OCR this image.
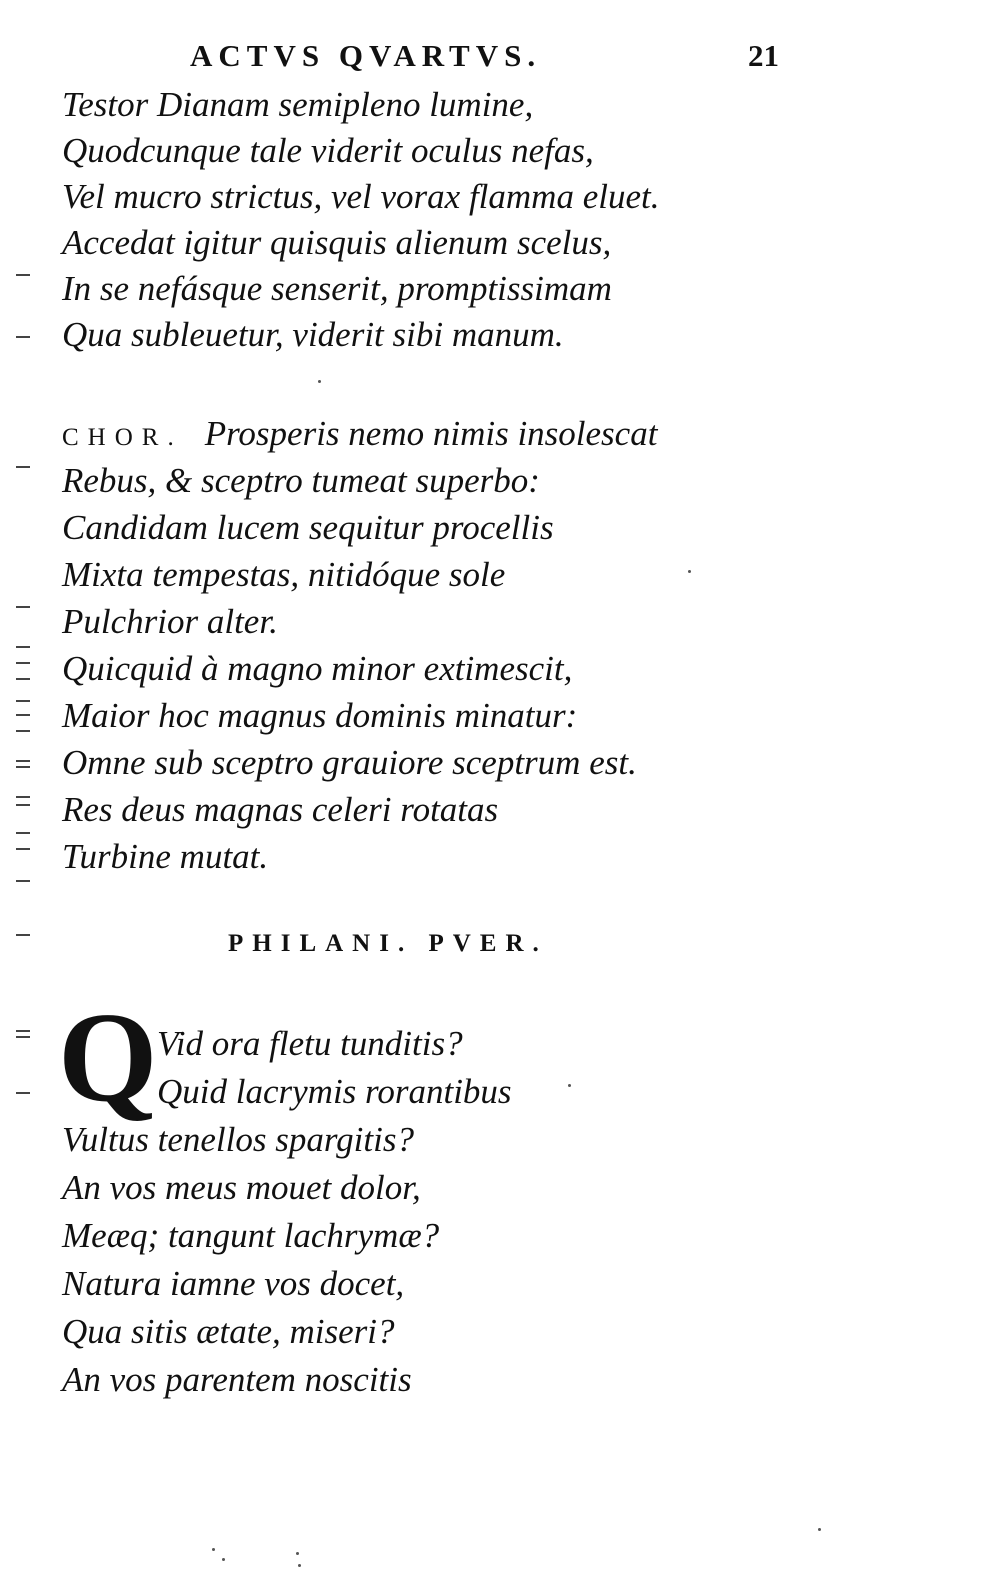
ACTVS QVARTVS.	21
Testor Dianam semipleno lumine,
Quodcunque tale viderit oculus nefas,
Vel mucro strictus, vel vorax flamma eluet.
Accedat igitur quisquis alienum scelus,
In se nefásque senserit, promptissimam
Qua subleuetur, viderit sibi manum.
CHOR. Prosperis nemo nimis insolescat
Rebus, & sceptro tumeat superbo:
Candidam lucem sequitur procellis
Mixta tempestas, nitidóque sole
Pulchrior alter.
Quicquid à magno minor extimescit,
Maior hoc magnus dominis minatur:
Omne sub sceptro grauiore sceptrum est.
Res deus magnas celeri rotatas
Turbine mutat.
PHILANI. PVER.
Q Vid ora fletu tunditis?
Quid lacrymis rorantibus
Vultus tenellos spargitis?
An vos meus mouet dolor,
Meæq; tangunt lachrymæ?
Natura iamne vos docet,
Qua sitis ætate, miseri?
An vos parentem noscitis
